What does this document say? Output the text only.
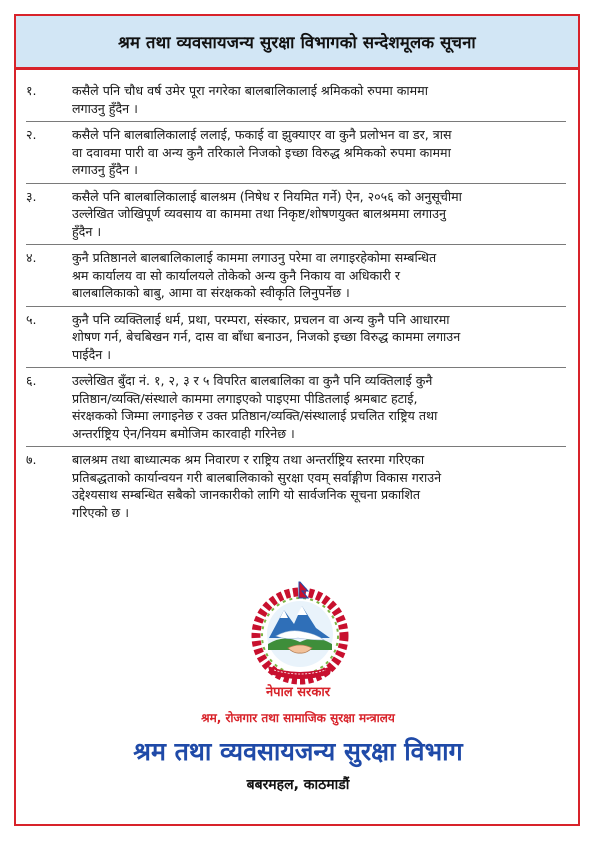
श्रम तथा व्यवसायजन्य सुरक्षा विभागको सन्देशमूलक सूचना
१.	कसैले पनि चौध वर्ष उमेर पूरा नगरेका बालबालिकालाई श्रमिकको रुपमा काममा
लगाउनु हुँदैन ।
२.	कसैले पनि बालबालिकालाई ललाई, फकाई वा झुक्याएर वा कुनै प्रलोभन वा डर, त्रास
वा दवावमा पारी वा अन्य कुनै तरिकाले निजको इच्छा विरुद्ध श्रमिकको रुपमा काममा
लगाउनु हुँदैन ।
३.	कसैले पनि बालबालिकालाई बालश्रम (निषेध र नियमित गर्ने) ऐन, २०५६ को अनुसूचीमा
उल्लेखित जोखिपूर्ण व्यवसाय वा काममा तथा निकृष्ट/शोषणयुक्त बालश्रममा लगाउनु
हुँदैन ।
४.	कुनै प्रतिष्ठानले बालबालिकालाई काममा लगाउनु परेमा वा लगाइरहेकोमा सम्बन्धित
श्रम कार्यालय वा सो कार्यालयले तोकेको अन्य कुनै निकाय वा अधिकारी र
बालबालिकाको बाबु, आमा वा संरक्षकको स्वीकृति लिनुपर्नेछ ।
५.	कुनै पनि व्यक्तिलाई धर्म, प्रथा, परम्परा, संस्कार, प्रचलन वा अन्य कुनै पनि आधारमा
शोषण गर्न, बेचबिखन गर्न, दास वा बाँधा बनाउन, निजको इच्छा विरुद्ध काममा लगाउन
पाईदैन ।
६.	उल्लेखित बुँदा नं. १, २, ३ र ५ विपरित बालबालिका वा कुनै पनि व्यक्तिलाई कुनै
प्रतिष्ठान/व्यक्ति/संस्थाले काममा लगाइएको पाइएमा पीडितलाई श्रमबाट हटाई,
संरक्षकको जिम्मा लगाइनेछ र उक्त प्रतिष्ठान/व्यक्ति/संस्थालाई प्रचलित राष्ट्रिय तथा
अन्तर्राष्ट्रिय ऐन/नियम बमोजिम कारवाही गरिनेछ ।
७.	बालश्रम तथा बाध्यात्मक श्रम निवारण र राष्ट्रिय तथा अन्तर्राष्ट्रिय स्तरमा गरिएका
प्रतिबद्धताको कार्यान्वयन गरी बालबालिकाको सुरक्षा एवम् सर्वाङ्गीण विकास गराउने
उद्देश्यसाथ सम्बन्धित सबैको जानकारीको लागि यो सार्वजनिक सूचना प्रकाशित
गरिएको छ ।
नेपाल सरकार
श्रम, रोजगार तथा सामाजिक सुरक्षा मन्त्रालय
श्रम तथा व्यवसायजन्य सुरक्षा विभाग
बबरमहल, काठमाडौं
